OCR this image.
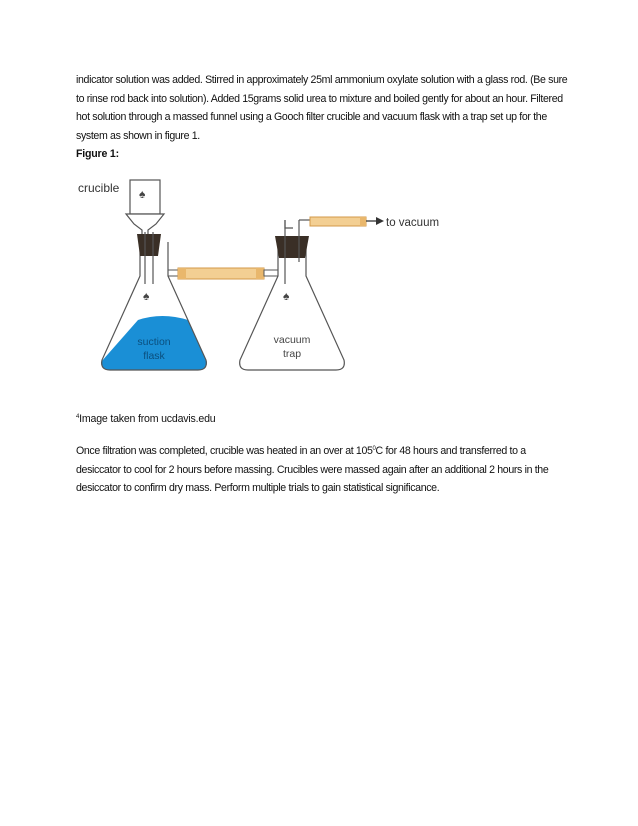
indicator solution was added. Stirred in approximately 25ml ammonium oxylate solution with a glass rod. (Be sure to rinse rod back into solution). Added 15grams solid urea to mixture and boiled gently for about an hour. Filtered hot solution through a massed funnel using a Gooch filter crucible and vacuum flask with a trap set up for the system as shown in figure 1.

Figure 1:

♠
♠	♠
crucible
to vacuum
suction
flask
vacuum
trap

$^4$Image taken from ucdavis.edu

Once filtration was completed, crucible was heated in an over at $105^0C$ for 48 hours and transferred to a desiccator to cool for 2 hours before massing. Crucibles were massed again after an additional 2 hours in the desiccator to confirm dry mass. Perform multiple trials to gain statistical significance.
